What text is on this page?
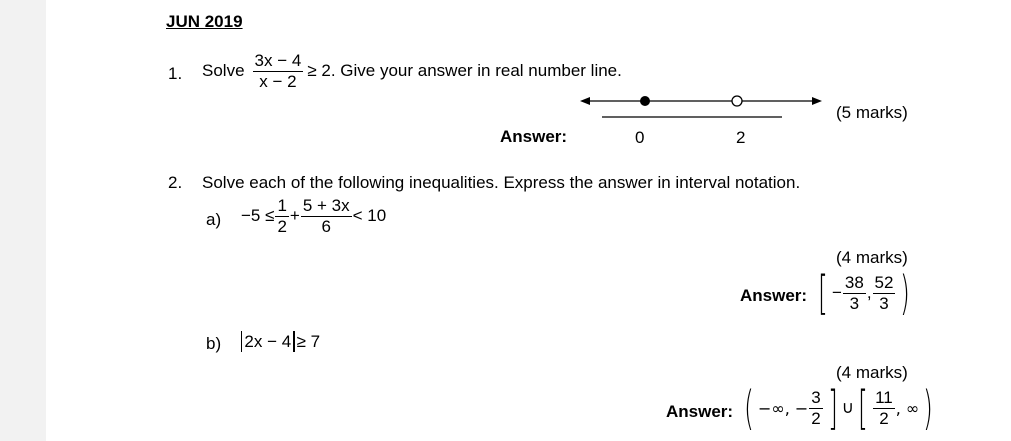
JUN 2019
1. Solve $\frac{3x - 4}{x - 2} \ge 2$. Give your answer in real number line.
Answer:	0	2
(5 marks)
2. Solve each of the following inequalities. Express the answer in interval notation.
$a) -5 \le \frac{1}{2} + \frac{5 + 3x}{6} < 10$
(4 marks)
Answer: [ − $\frac{38}{3}$ , $\frac{52}{3}$ )
b) 2x − 4 ≥ 7
(4 marks)
Answer: ( −∞, − $\frac{3}{2}$ ] ∪ [ $\frac{11}{2}$ , ∞ )
